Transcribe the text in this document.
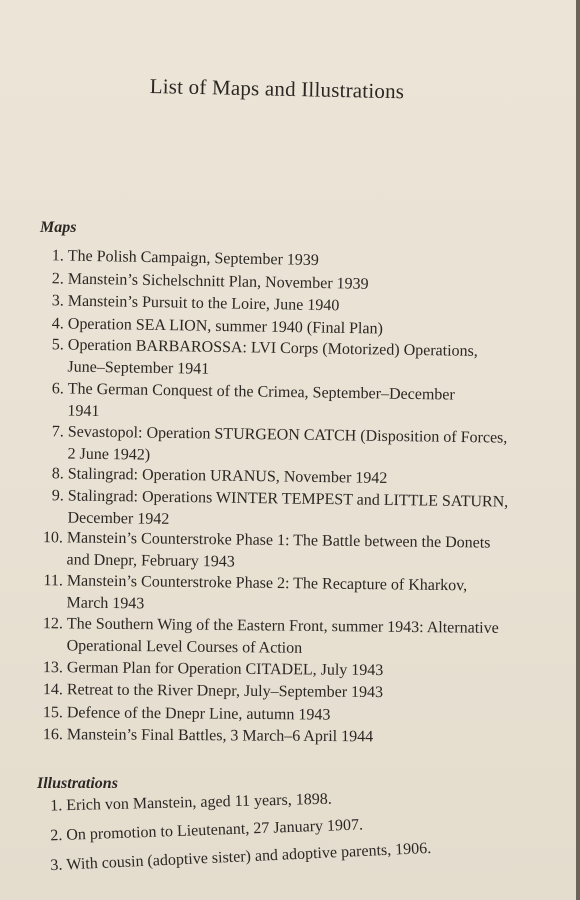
List of Maps and Illustrations
Maps
1. The Polish Campaign, September 1939
2. Manstein’s Sichelschnitt Plan, November 1939
3. Manstein’s Pursuit to the Loire, June 1940
4. Operation SEA LION, summer 1940 (Final Plan)
5. Operation BARBAROSSA: LVI Corps (Motorized) Operations,
June–September 1941
6. The German Conquest of the Crimea, September–December
1941
7. Sevastopol: Operation STURGEON CATCH (Disposition of Forces,
2 June 1942)
8. Stalingrad: Operation URANUS, November 1942
9. Stalingrad: Operations WINTER TEMPEST and LITTLE SATURN,
December 1942
10. Manstein’s Counterstroke Phase 1: The Battle between the Donets
and Dnepr, February 1943
11. Manstein’s Counterstroke Phase 2: The Recapture of Kharkov,
March 1943
12. The Southern Wing of the Eastern Front, summer 1943: Alternative
Operational Level Courses of Action
13. German Plan for Operation CITADEL, July 1943
14. Retreat to the River Dnepr, July–September 1943
15. Defence of the Dnepr Line, autumn 1943
16. Manstein’s Final Battles, 3 March–6 April 1944
Illustrations
1. Erich von Manstein, aged 11 years, 1898.
2. On promotion to Lieutenant, 27 January 1907.
3. With cousin (adoptive sister) and adoptive parents, 1906.
